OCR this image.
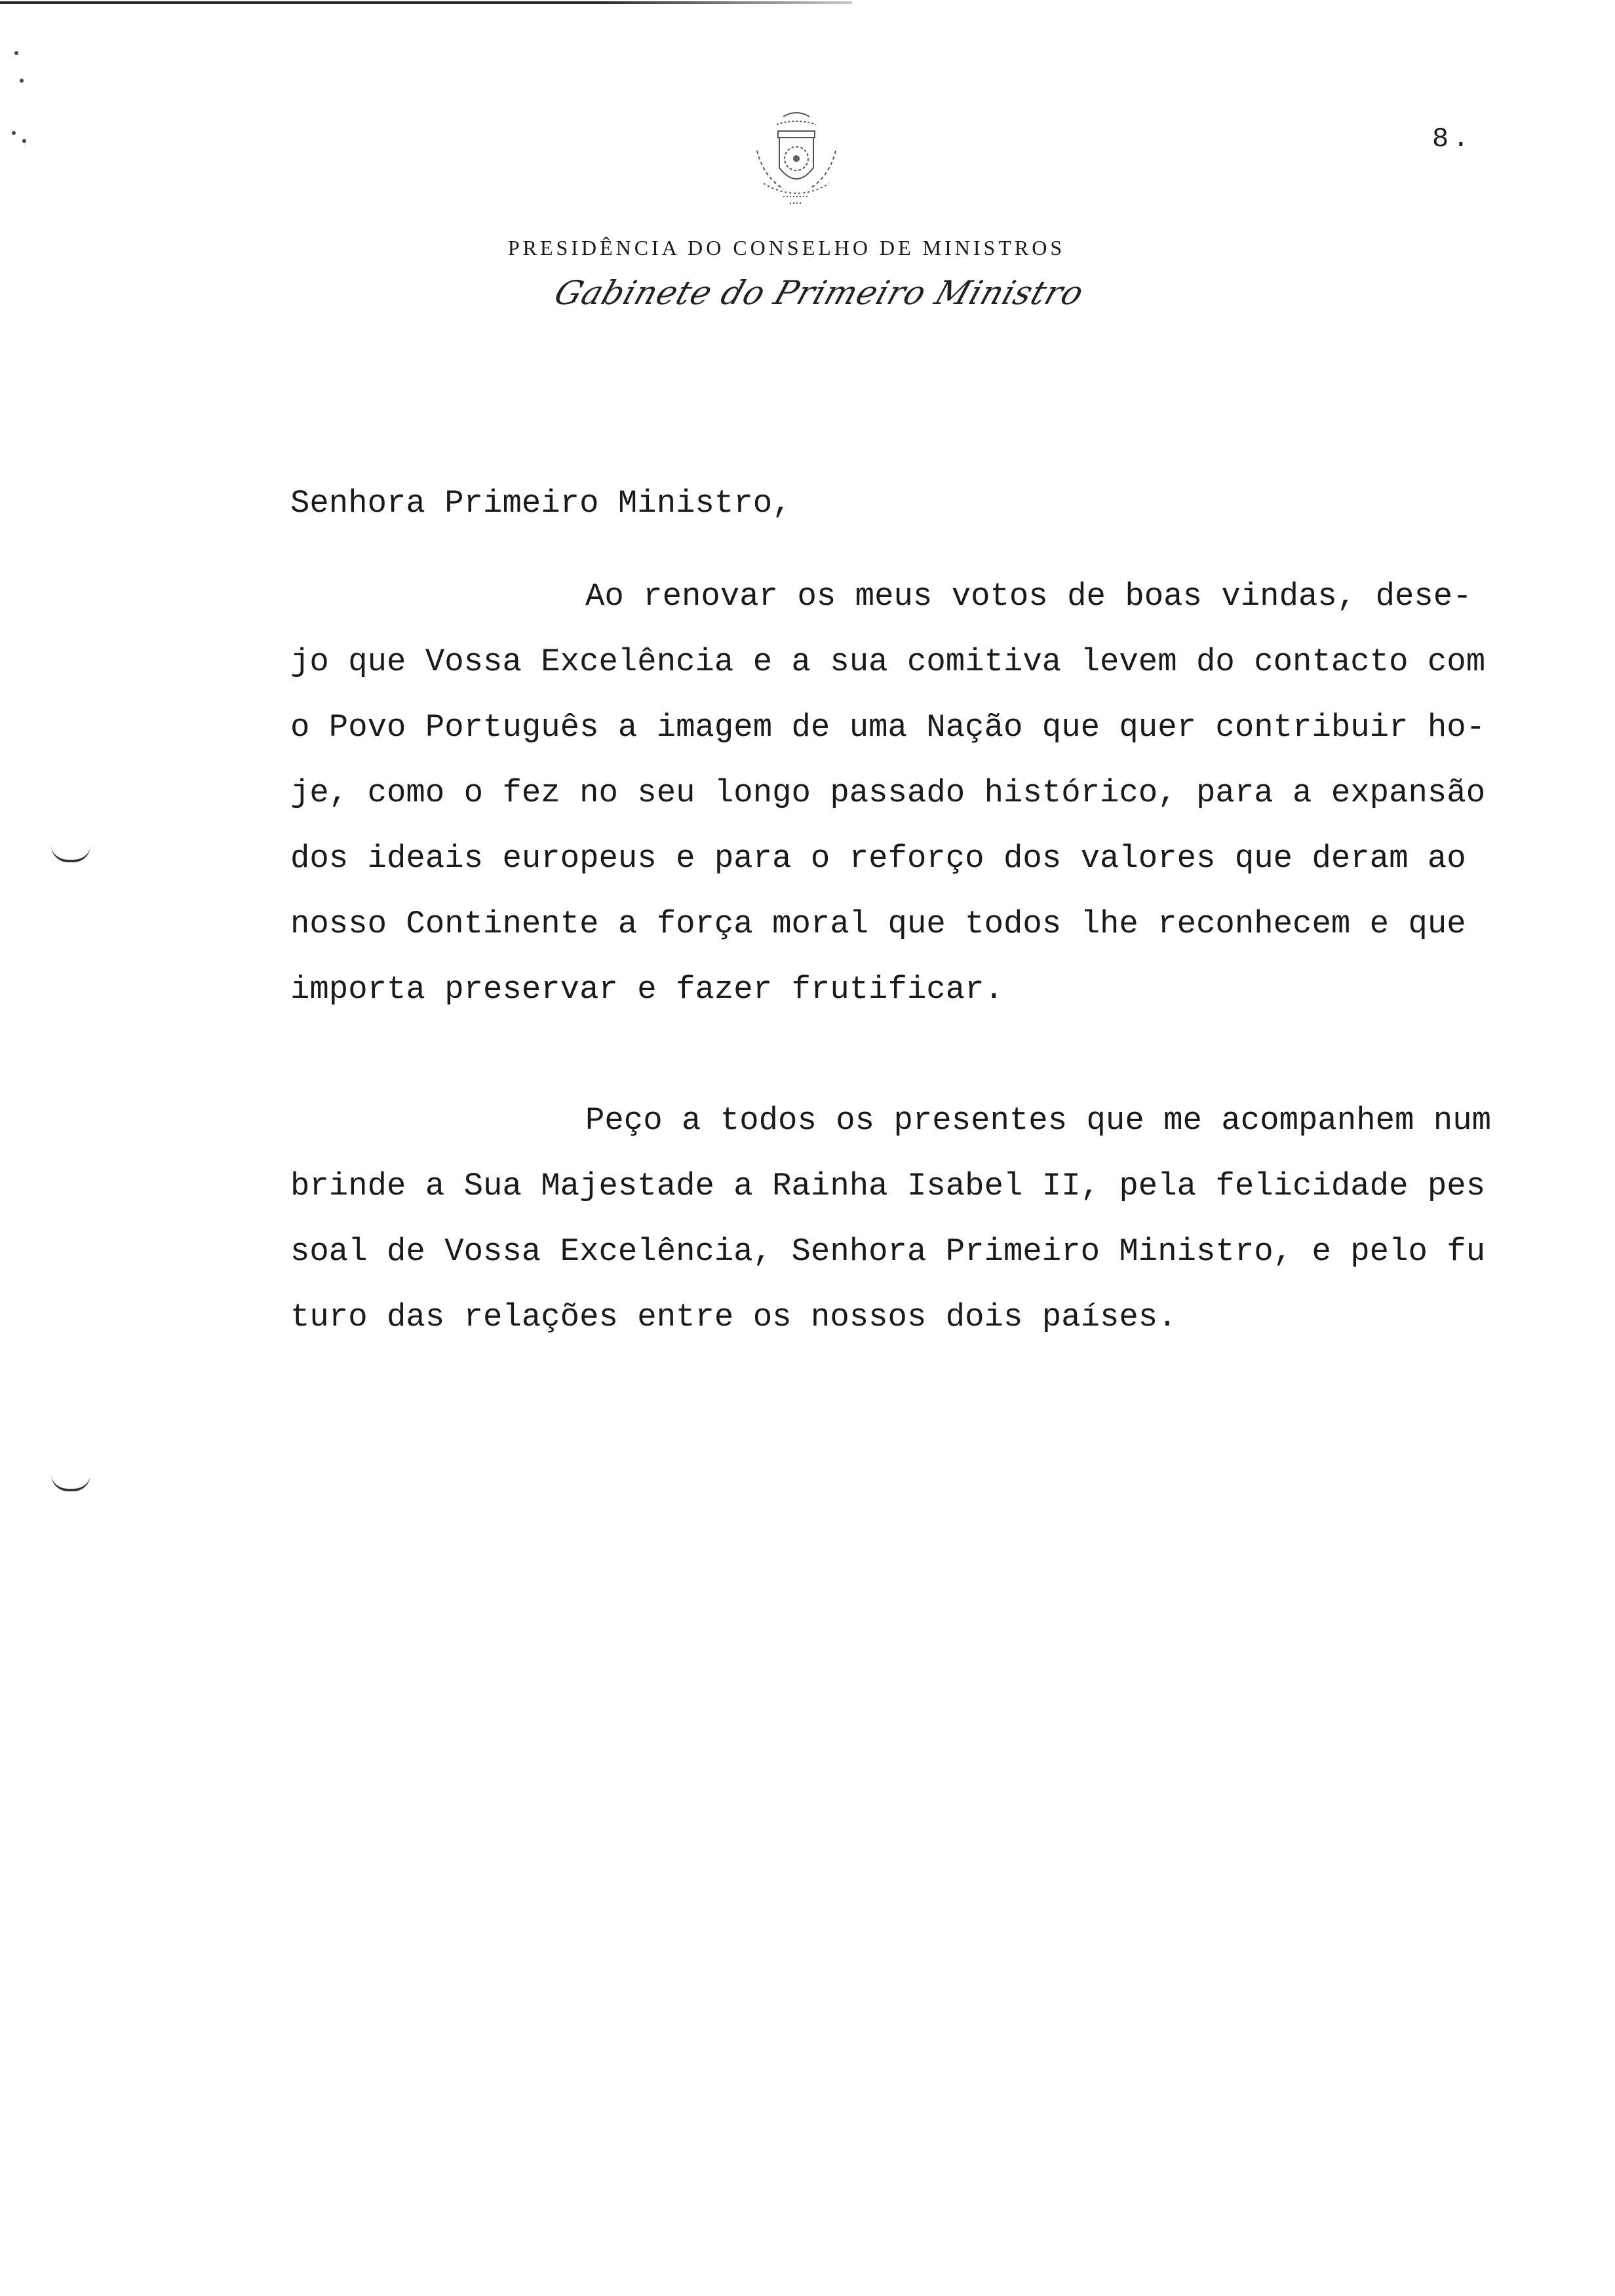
8.
PRESIDÊNCIA DO CONSELHO DE MINISTROS
Gabinete do Primeiro Ministro
Senhora Primeiro Ministro,
Ao renovar os meus votos de boas vindas, dese-
jo que Vossa Excelência e a sua comitiva levem do contacto com
o Povo Português a imagem de uma Nação que quer contribuir ho-
je, como o fez no seu longo passado histórico, para a expansão
dos ideais europeus e para o reforço dos valores que deram ao
nosso Continente a força moral que todos lhe reconhecem e que
importa preservar e fazer frutificar.
Peço a todos os presentes que me acompanhem num
brinde a Sua Majestade a Rainha Isabel II, pela felicidade pes
soal de Vossa Excelência, Senhora Primeiro Ministro, e pelo fu
turo das relações entre os nossos dois países.
